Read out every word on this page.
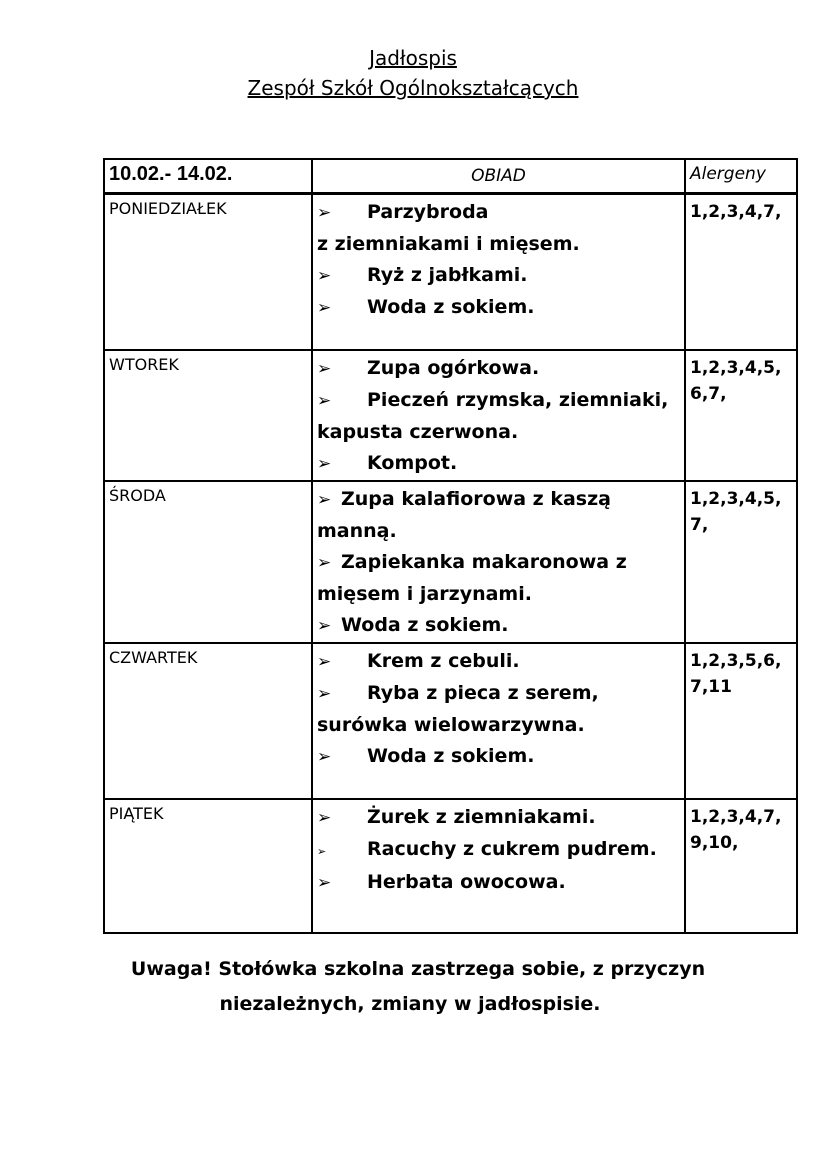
Jadłospis
Zespół Szkół Ogólnokształcących
10.02.- 14.02.	OBIAD	Alergeny
PONIEDZIAŁEK	➢ Parzybroda
z ziemniakami i mięsem.
➢ Ryż z jabłkami.
➢ Woda z sokiem.	1,2,3,4,7,
WTOREK	➢ Zupa ogórkowa.
➢ Pieczeń rzymska, ziemniaki,
kapusta czerwona.
➢ Kompot.	1,2,3,4,5,6,7,
ŚRODA	➢ Zupa kalafiorowa z kaszą
manną.
➢ Zapiekanka makaronowa z
mięsem i jarzynami.
➢ Woda z sokiem.	1,2,3,4,5,7,
CZWARTEK	➢ Krem z cebuli.
➢ Ryba z pieca z serem,
surówka wielowarzywna.
➢ Woda z sokiem.	1,2,3,5,6,7,11
PIĄTEK	➢ Żurek z ziemniakami.
➢ Racuchy z cukrem pudrem.
➢ Herbata owocowa.	1,2,3,4,7,9,10,
Uwaga! Stołówka szkolna zastrzega sobie, z przyczyn
niezależnych, zmiany w jadłospisie.
